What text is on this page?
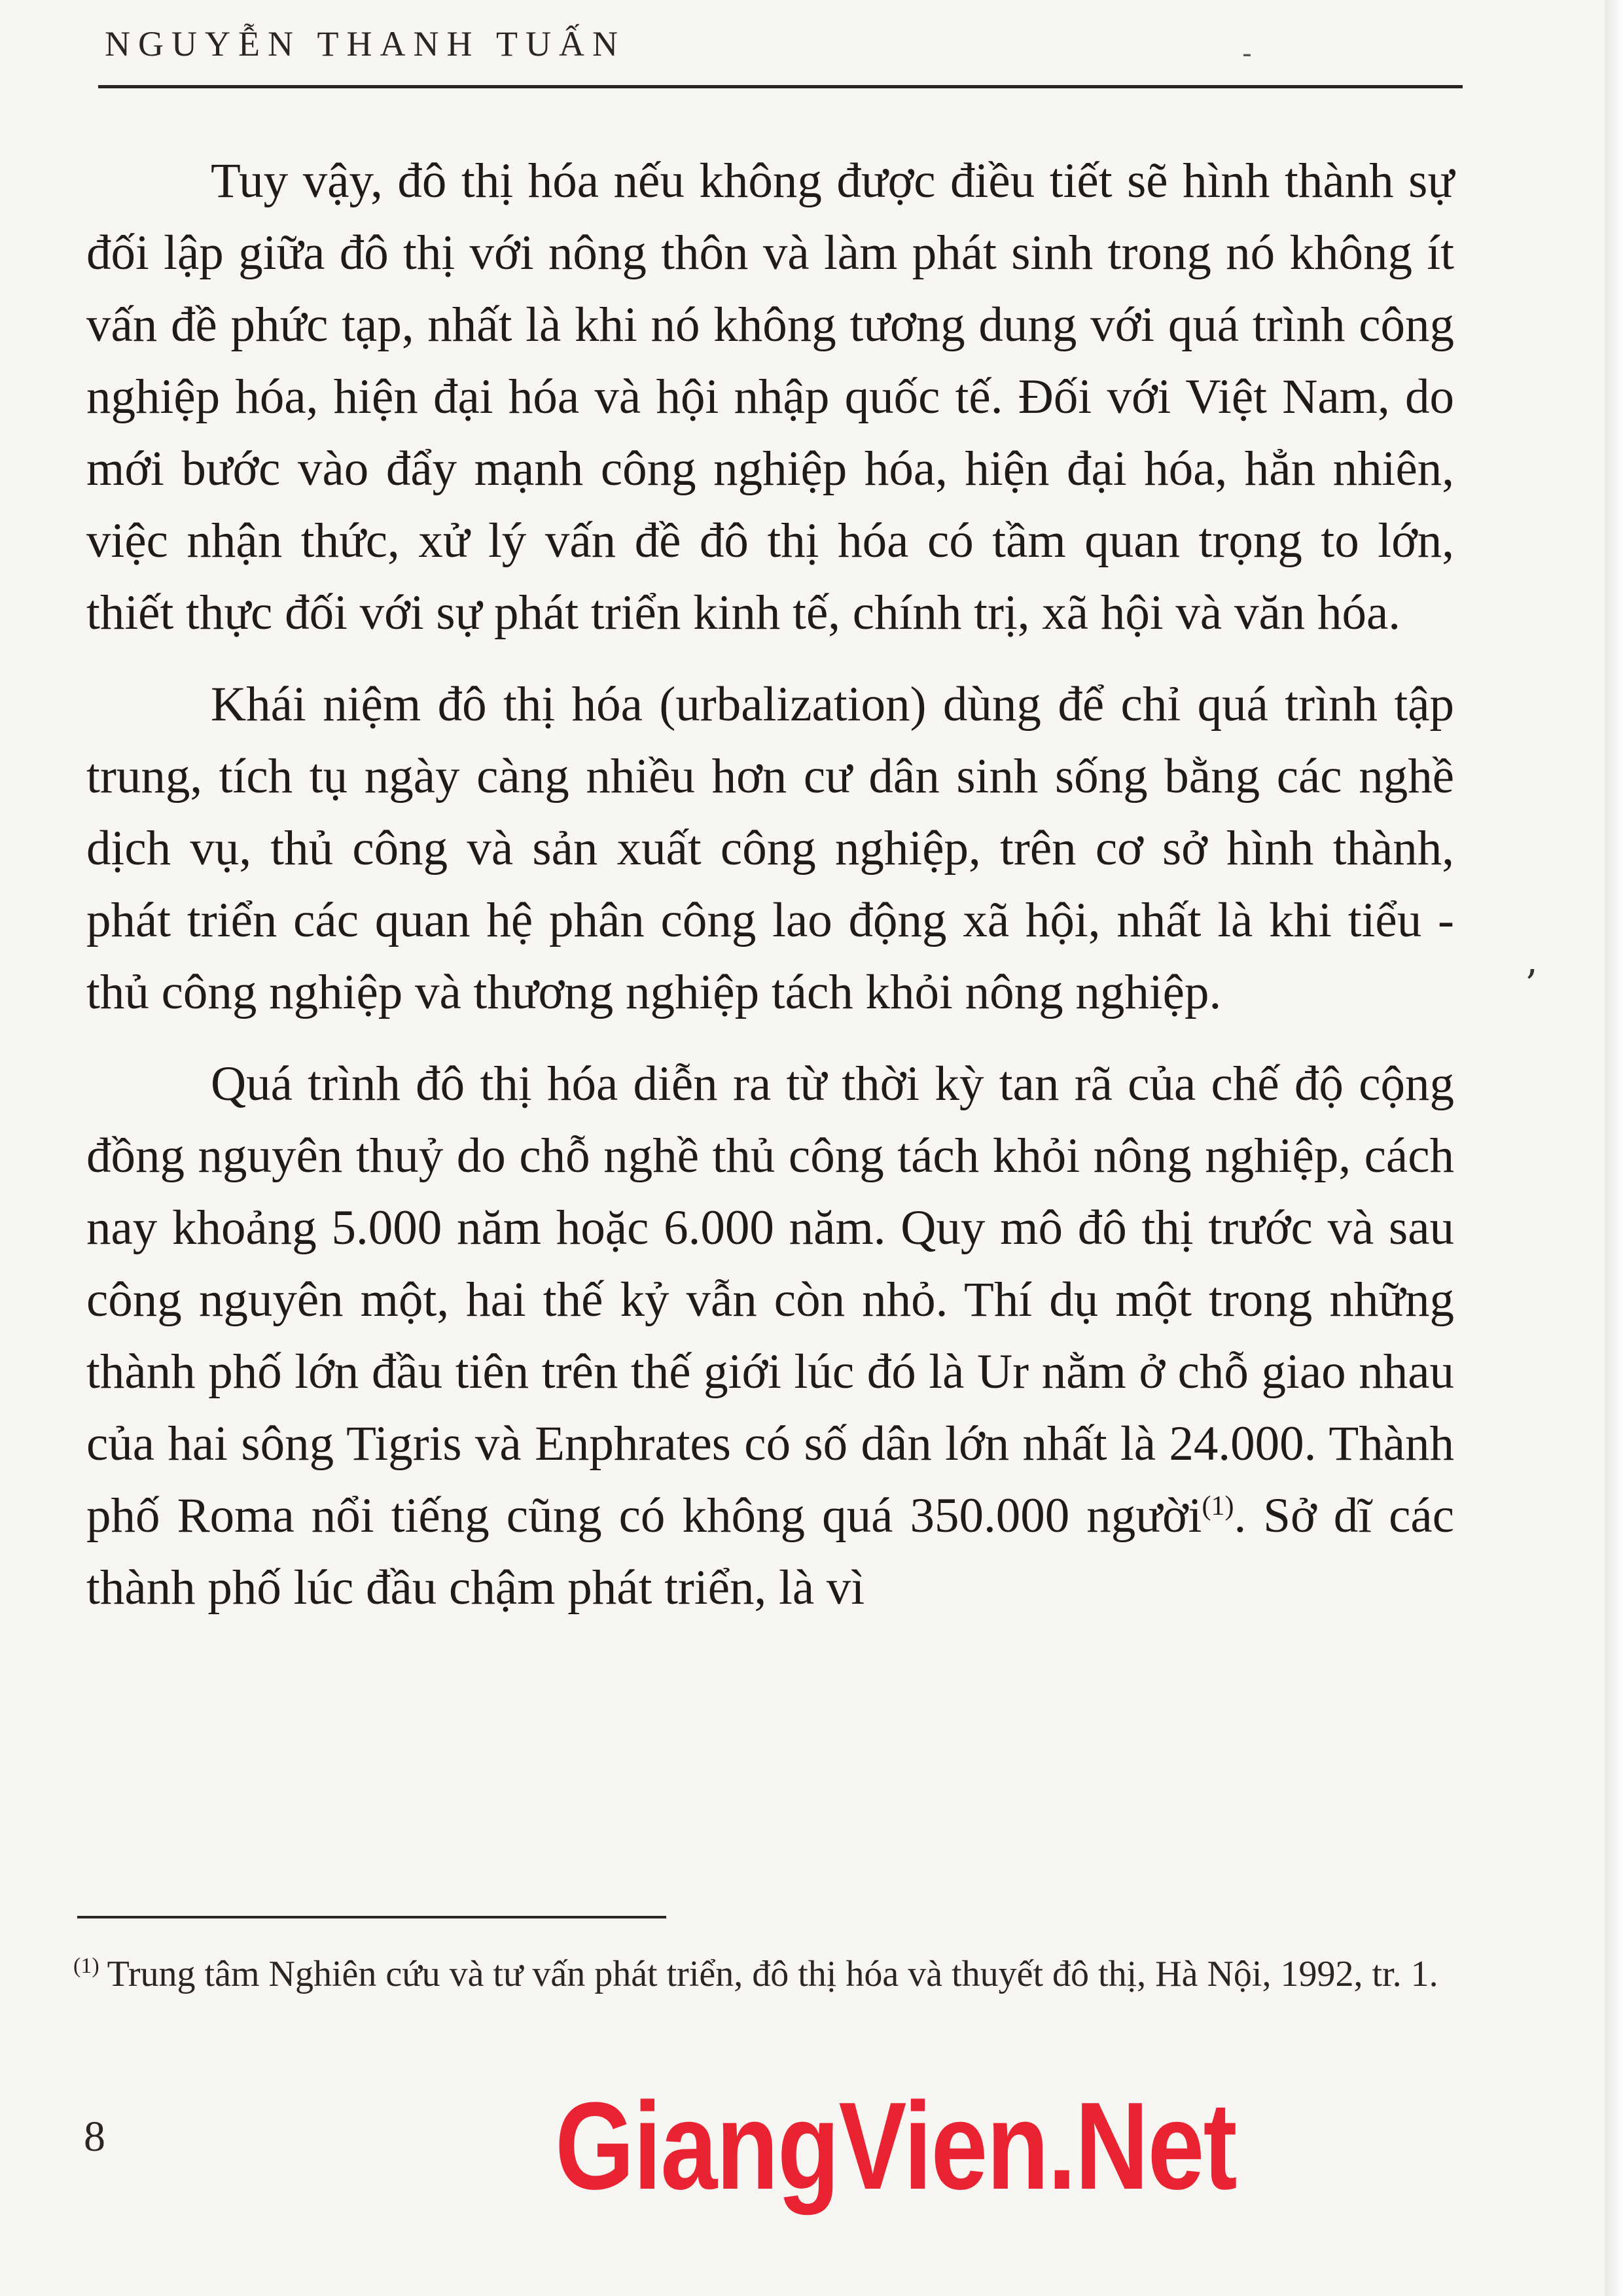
NGUYỄN THANH TUẤN	-

Tuy vậy, đô thị hóa nếu không được điều tiết sẽ hình thành sự đối lập giữa đô thị với nông thôn và làm phát sinh trong nó không ít vấn đề phức tạp, nhất là khi nó không tương dung với quá trình công nghiệp hóa, hiện đại hóa và hội nhập quốc tế. Đối với Việt Nam, do mới bước vào đẩy mạnh công nghiệp hóa, hiện đại hóa, hẳn nhiên, việc nhận thức, xử lý vấn đề đô thị hóa có tầm quan trọng to lớn, thiết thực đối với sự phát triển kinh tế, chính trị, xã hội và văn hóa.

Khái niệm đô thị hóa (urbalization) dùng để chỉ quá trình tập trung, tích tụ ngày càng nhiều hơn cư dân sinh sống bằng các nghề dịch vụ, thủ công và sản xuất công nghiệp, trên cơ sở hình thành, phát triển các quan hệ phân công lao động xã hội, nhất là khi tiểu - thủ công nghiệp và thương nghiệp tách khỏi nông nghiệp.

Quá trình đô thị hóa diễn ra từ thời kỳ tan rã của chế độ cộng đồng nguyên thuỷ do chỗ nghề thủ công tách khỏi nông nghiệp, cách nay khoảng 5.000 năm hoặc 6.000 năm. Quy mô đô thị trước và sau công nguyên một, hai thế kỷ vẫn còn nhỏ. Thí dụ một trong những thành phố lớn đầu tiên trên thế giới lúc đó là Ur nằm ở chỗ giao nhau của hai sông Tigris và Enphrates có số dân lớn nhất là 24.000. Thành phố Roma nổi tiếng cũng có không quá 350.000 người$^{(1)}$. Sở dĩ các thành phố lúc đầu chậm phát triển, là vì

’
$^{(1)}$ Trung tâm Nghiên cứu và tư vấn phát triển, đô thị hóa và thuyết đô thị, Hà Nội, 1992, tr. 1.
8	GiangVien.Net
